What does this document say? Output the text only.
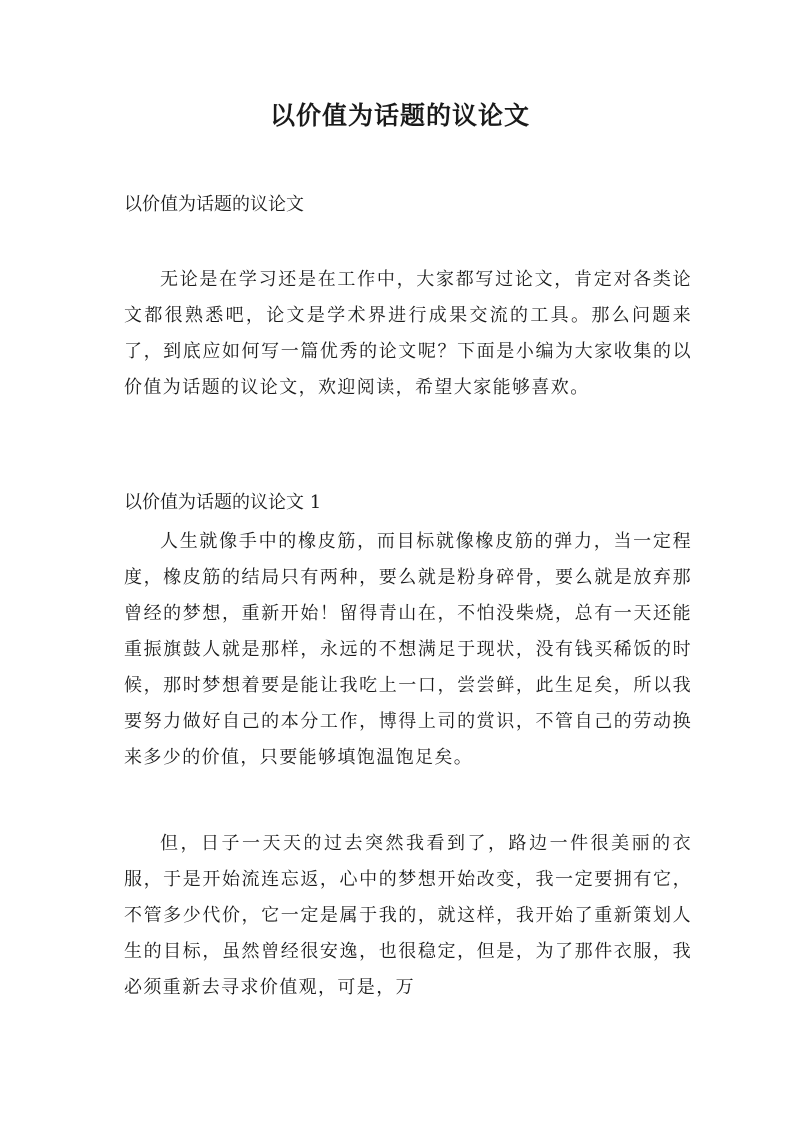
以价值为话题的议论文

以价值为话题的议论文

无论是在学习还是在工作中，大家都写过论文，肯定对各类论文都很熟悉吧，论文是学术界进行成果交流的工具。那么问题来了，到底应如何写一篇优秀的论文呢？下面是小编为大家收集的以价值为话题的议论文，欢迎阅读，希望大家能够喜欢。

以价值为话题的议论文 1

人生就像手中的橡皮筋，而目标就像橡皮筋的弹力，当一定程度，橡皮筋的结局只有两种，要么就是粉身碎骨，要么就是放弃那曾经的梦想，重新开始！留得青山在，不怕没柴烧，总有一天还能重振旗鼓人就是那样，永远的不想满足于现状，没有钱买稀饭的时候，那时梦想着要是能让我吃上一口，尝尝鲜，此生足矣，所以我要努力做好自己的本分工作，博得上司的赏识，不管自己的劳动换来多少的价值，只要能够填饱温饱足矣。

但，日子一天天的过去突然我看到了，路边一件很美丽的衣服，于是开始流连忘返，心中的梦想开始改变，我一定要拥有它，不管多少代价，它一定是属于我的，就这样，我开始了重新策划人生的目标，虽然曾经很安逸，也很稳定，但是，为了那件衣服，我必须重新去寻求价值观，可是，万
